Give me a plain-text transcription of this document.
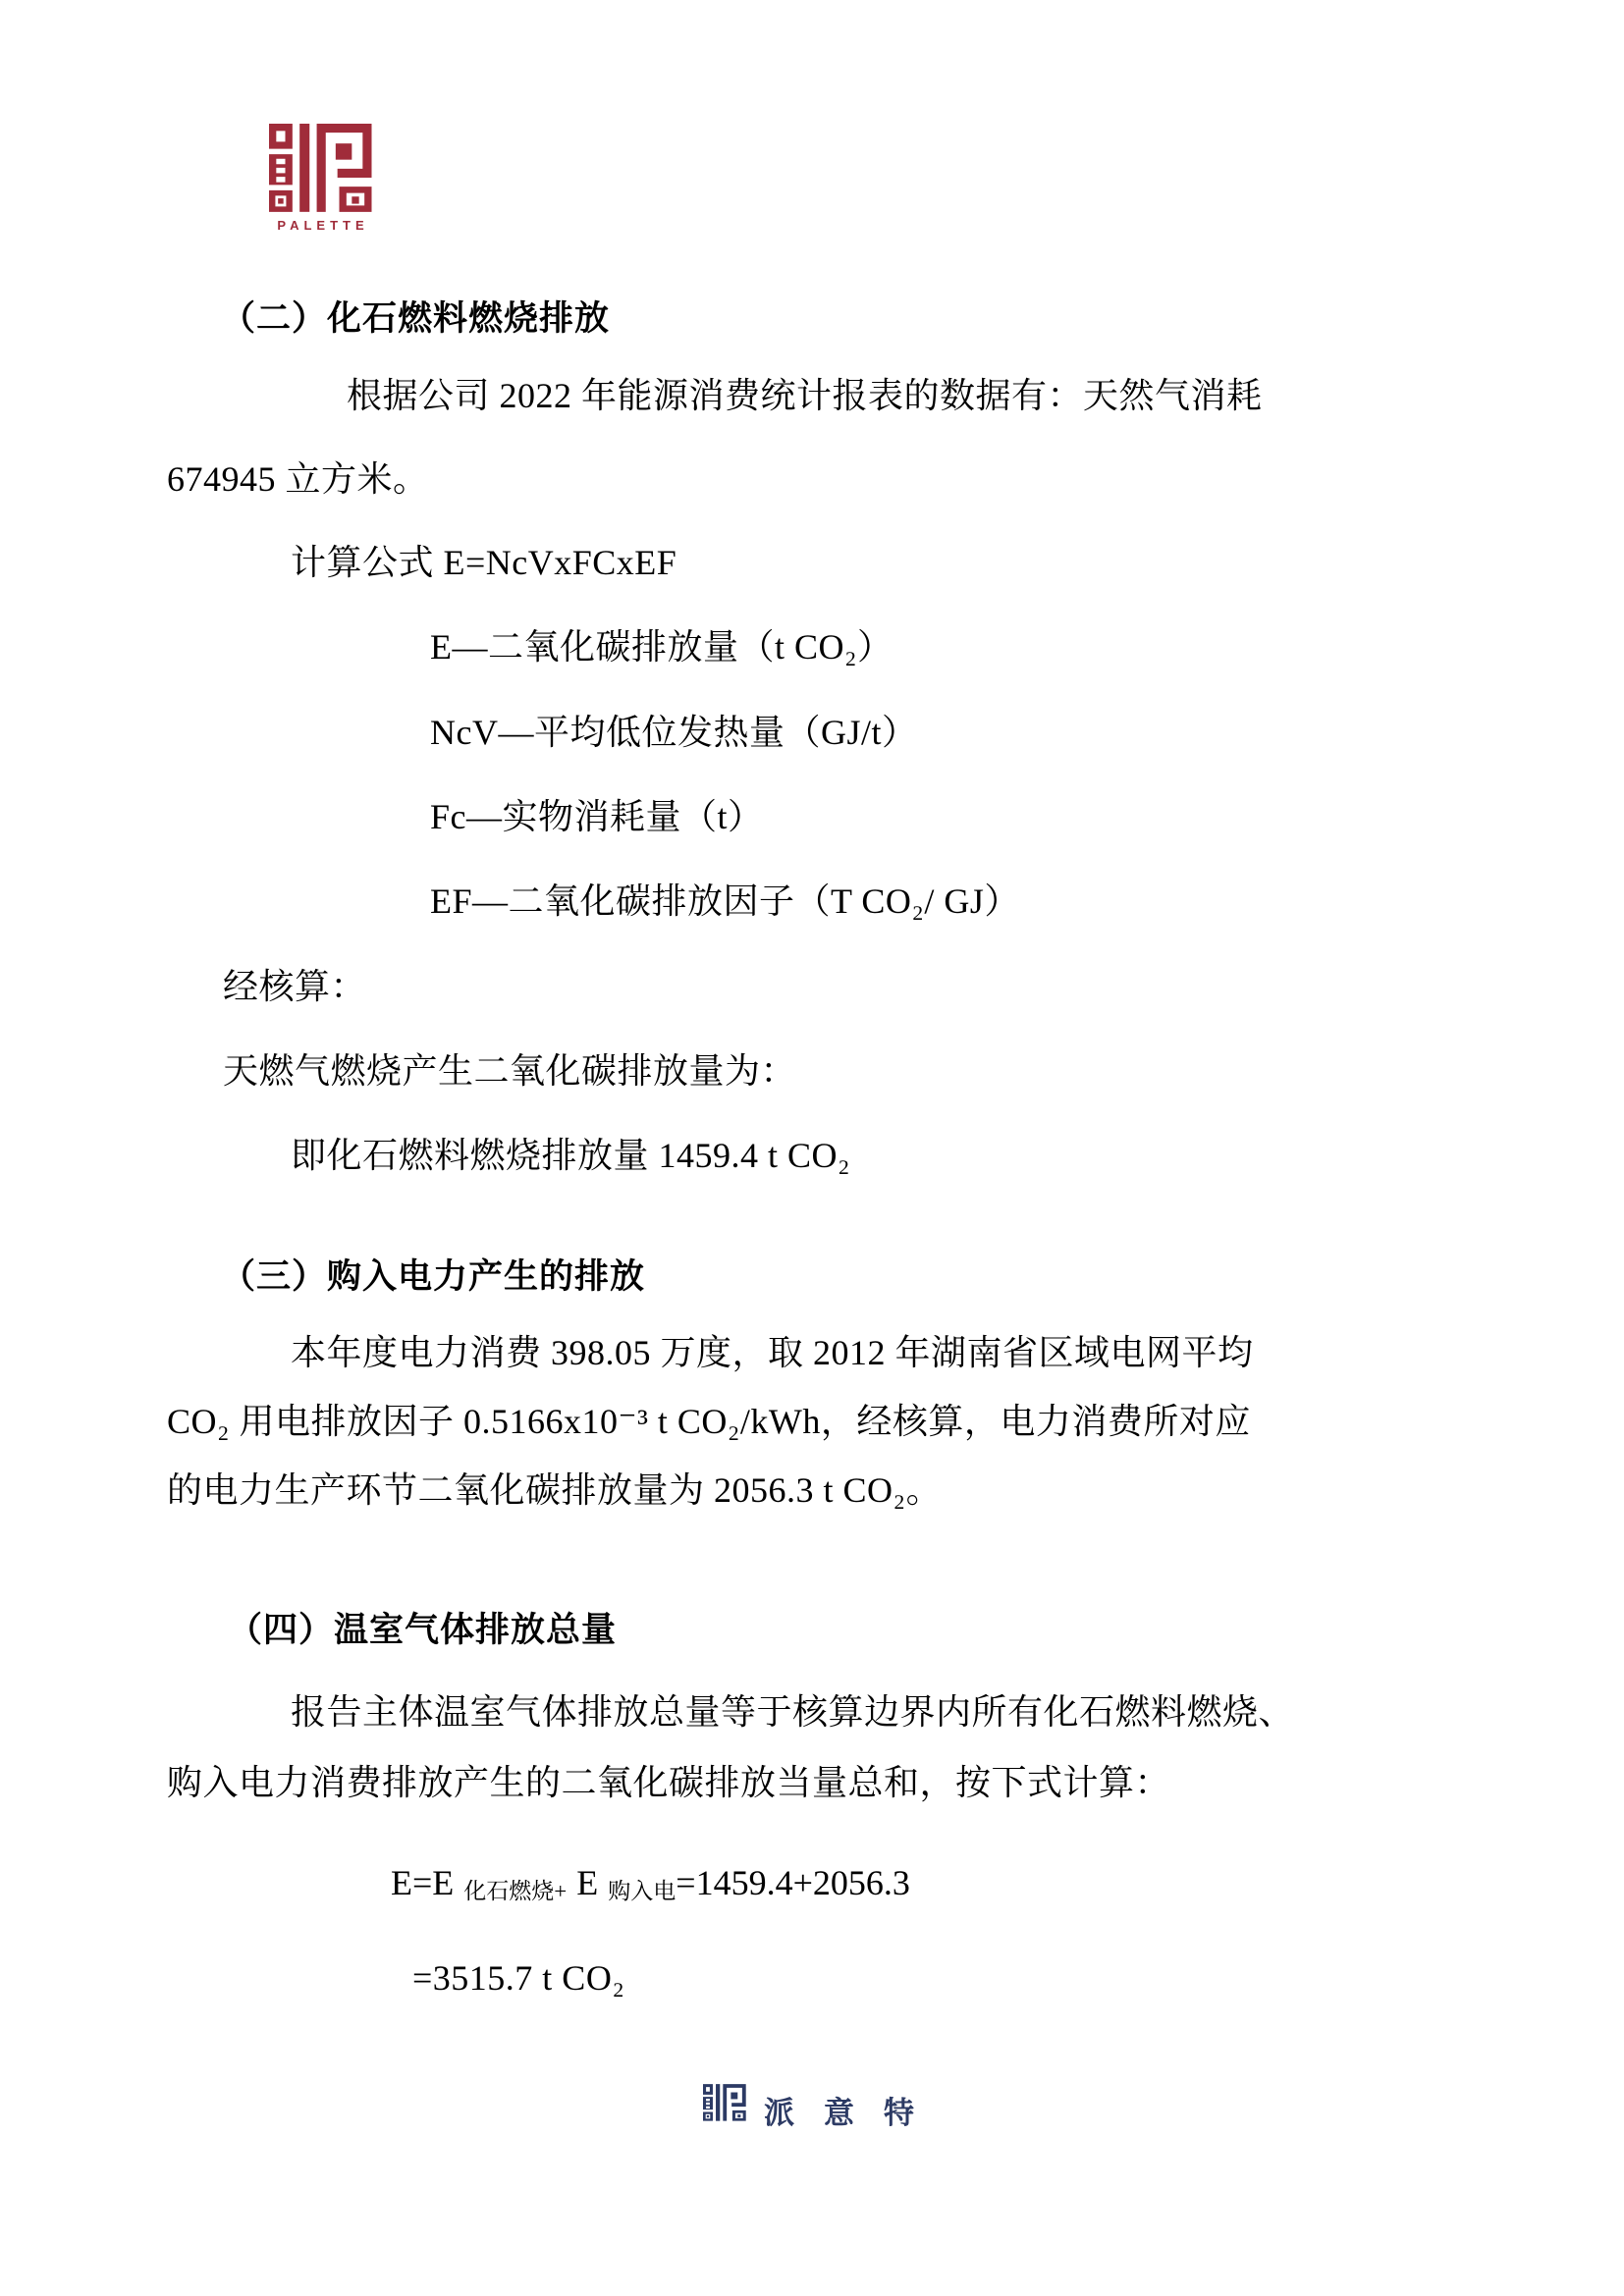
PALETTE
（二）化石燃料燃烧排放
根据公司 2022 年能源消费统计报表的数据有：天然气消耗
674945 立方米。
计算公式 E=NcVxFCxEF
E—二氧化碳排放量（t CO₂）
NcV—平均低位发热量（GJ/t）
Fc—实物消耗量（t）
EF—二氧化碳排放因子（T CO₂/ GJ）
经核算：
天燃气燃烧产生二氧化碳排放量为：
即化石燃料燃烧排放量 1459.4 t CO₂
（三）购入电力产生的排放
本年度电力消费 398.05 万度，取 2012 年湖南省区域电网平均
CO₂ 用电排放因子 0.5166x10⁻³ t CO₂/kWh，经核算，电力消费所对应
的电力生产环节二氧化碳排放量为 2056.3 t CO₂。
（四）温室气体排放总量
报告主体温室气体排放总量等于核算边界内所有化石燃料燃烧、
购入电力消费排放产生的二氧化碳排放当量总和，按下式计算：
E=E 化石燃烧+ E 购入电=1459.4+2056.3
=3515.7 t CO₂
派意特
